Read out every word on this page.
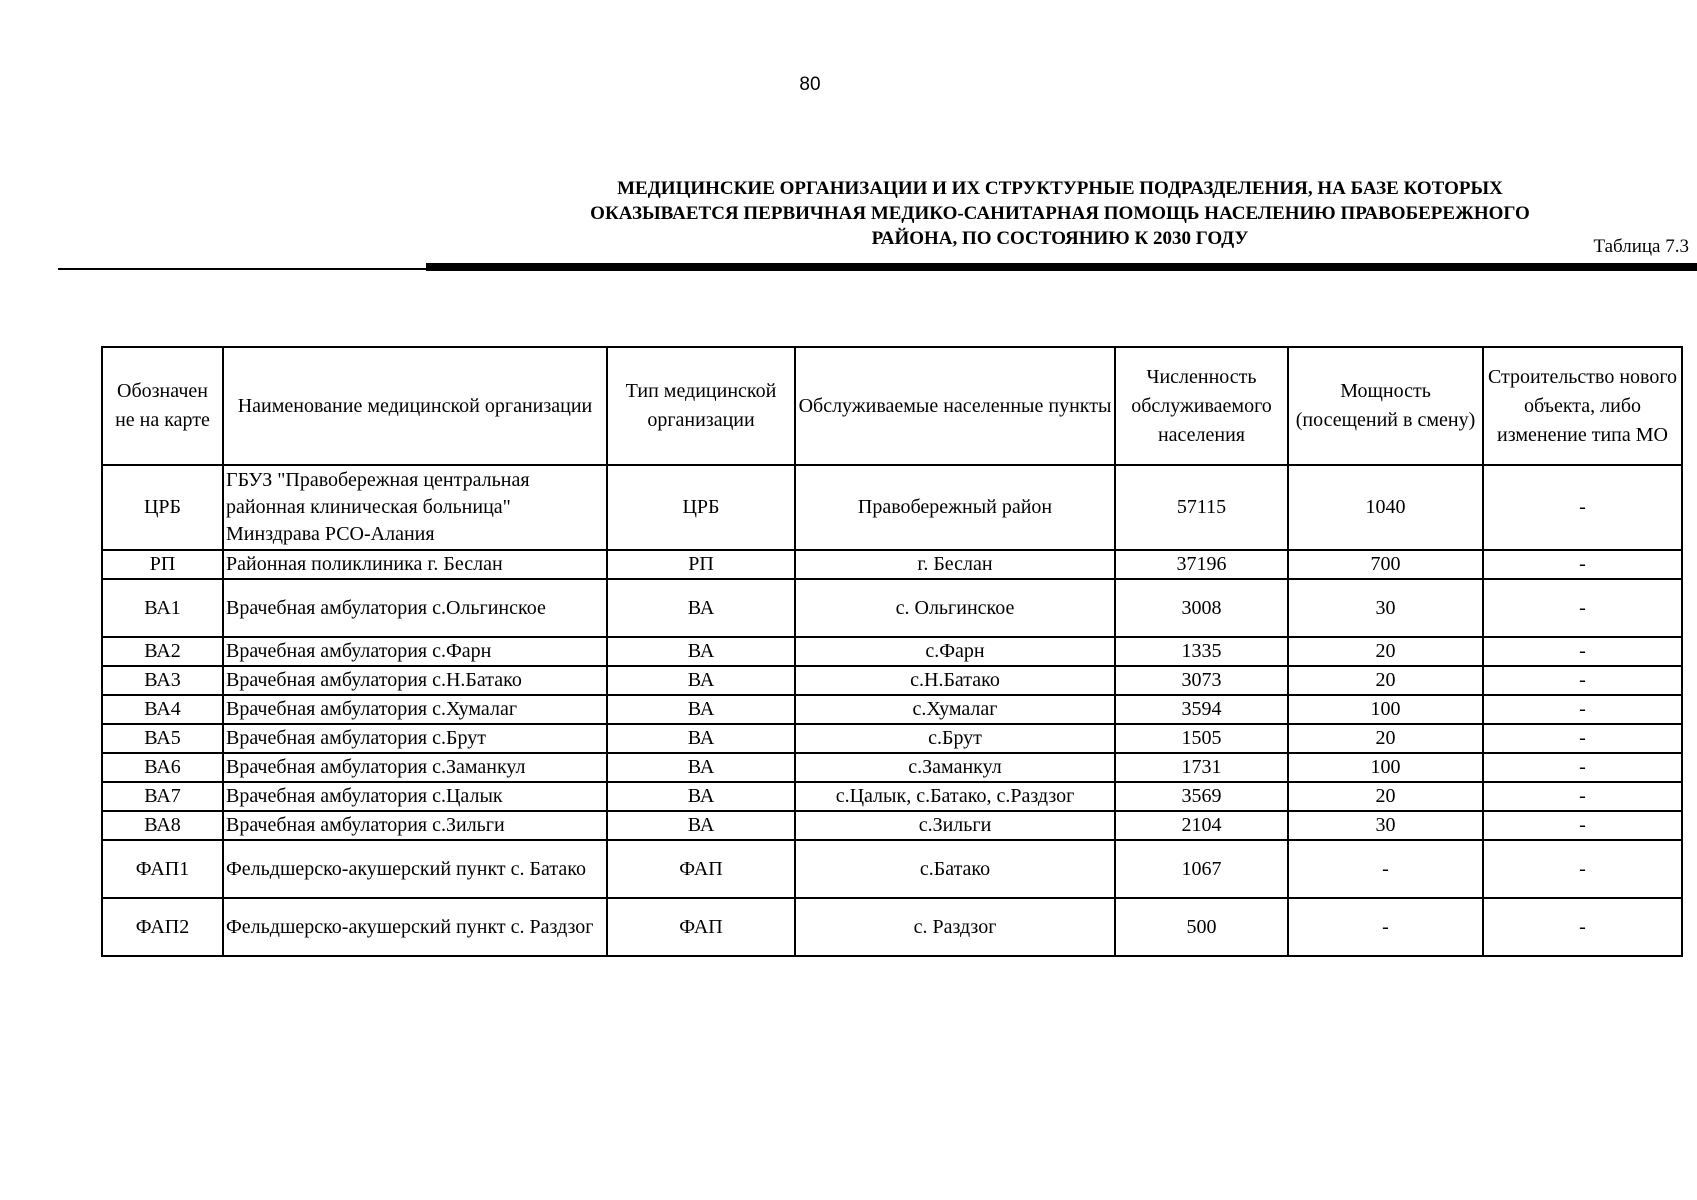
80
МЕДИЦИНСКИЕ ОРГАНИЗАЦИИ И ИХ СТРУКТУРНЫЕ ПОДРАЗДЕЛЕНИЯ, НА БАЗЕ КОТОРЫХ
ОКАЗЫВАЕТСЯ ПЕРВИЧНАЯ МЕДИКО-САНИТАРНАЯ ПОМОЩЬ НАСЕЛЕНИЮ ПРАВОБЕРЕЖНОГО
РАЙОНА, ПО СОСТОЯНИЮ К 2030 ГОДУ	Таблица 7.3
Обозначен не на карте	Наименование медицинской организации	Тип медицинской организации	Обслуживаемые населенные пункты	Численность обслуживаемого населения	Мощность (посещений в смену)	Строительство нового объекта, либо изменение типа МО
ЦРБ	ГБУЗ "Правобережная центральная районная клиническая больница" Минздрава РСО-Алания	ЦРБ	Правобережный район	57115	1040	-
РП	Районная поликлиника г. Беслан	РП	г. Беслан	37196	700	-
ВА1	Врачебная амбулатория с.Ольгинское	ВА	с. Ольгинское	3008	30	-
ВА2	Врачебная амбулатория с.Фарн	ВА	с.Фарн	1335	20	-
ВА3	Врачебная амбулатория с.Н.Батако	ВА	с.Н.Батако	3073	20	-
ВА4	Врачебная амбулатория с.Хумалаг	ВА	с.Хумалаг	3594	100	-
ВА5	Врачебная амбулатория с.Брут	ВА	с.Брут	1505	20	-
ВА6	Врачебная амбулатория с.Заманкул	ВА	с.Заманкул	1731	100	-
ВА7	Врачебная амбулатория с.Цалык	ВА	с.Цалык, с.Батако, с.Раздзог	3569	20	-
ВА8	Врачебная амбулатория с.Зильги	ВА	с.Зильги	2104	30	-
ФАП1	Фельдшерско-акушерский пункт с. Батако	ФАП	с.Батако	1067	-	-
ФАП2	Фельдшерско-акушерский пункт с. Раздзог	ФАП	с. Раздзог	500	-	-
